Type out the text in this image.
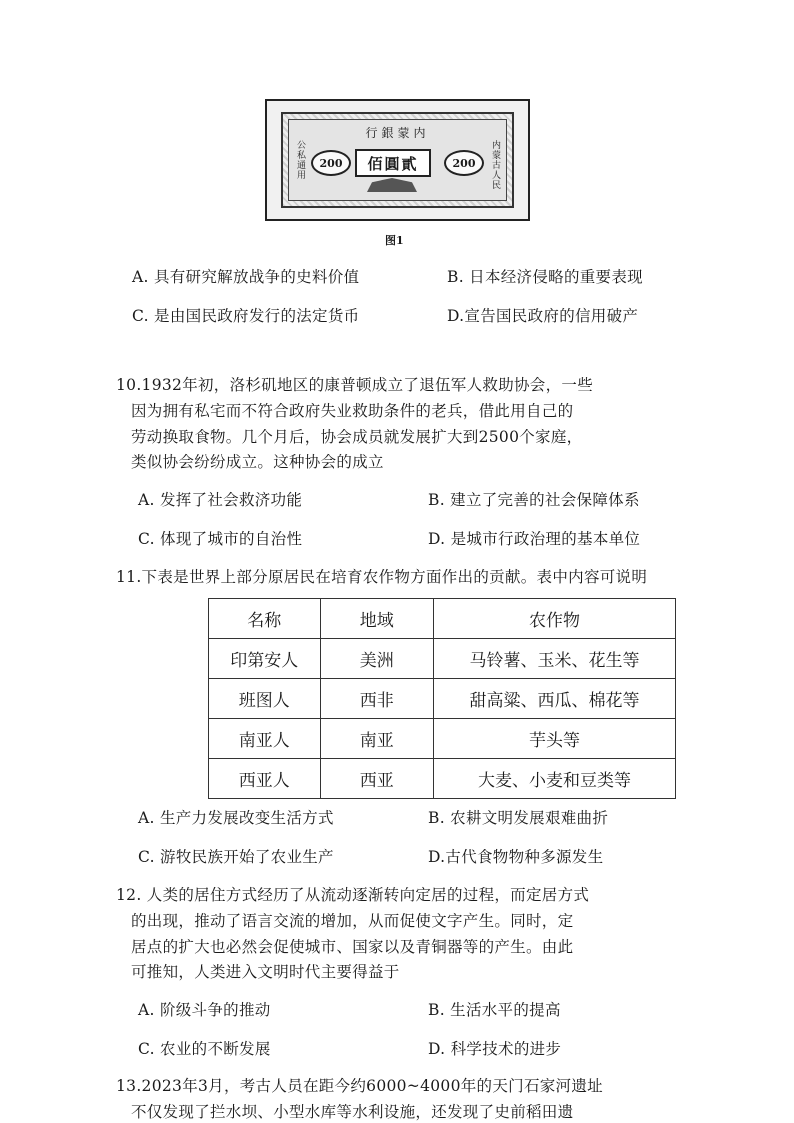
行銀蒙内
公私通用	内蒙古人民
200	佰圓貳	200
图1
A. 具有研究解放战争的史料价值	B. 日本经济侵略的重要表现
C. 是由国民政府发行的法定货币	D.宣告国民政府的信用破产
10.1932年初，洛杉矶地区的康普顿成立了退伍军人救助协会，一些
因为拥有私宅而不符合政府失业救助条件的老兵，借此用自己的
劳动换取食物。几个月后，协会成员就发展扩大到2500个家庭，
类似协会纷纷成立。这种协会的成立
A. 发挥了社会救济功能	B. 建立了完善的社会保障体系
C. 体现了城市的自治性	D. 是城市行政治理的基本单位
11.下表是世界上部分原居民在培育农作物方面作出的贡献。表中内容可说明
名称	地域	农作物
印第安人	美洲	马铃薯、玉米、花生等
班图人	西非	甜高粱、西瓜、棉花等
南亚人	南亚	芋头等
西亚人	西亚	大麦、小麦和豆类等
A. 生产力发展改变生活方式	B. 农耕文明发展艰难曲折
C. 游牧民族开始了农业生产	D.古代食物物种多源发生
12. 人类的居住方式经历了从流动逐渐转向定居的过程，而定居方式
的出现，推动了语言交流的增加，从而促使文字产生。同时，定
居点的扩大也必然会促使城市、国家以及青铜器等的产生。由此
可推知，人类进入文明时代主要得益于
A. 阶级斗争的推动	B. 生活水平的提高
C. 农业的不断发展	D. 科学技术的进步
13.2023年3月，考古人员在距今约6000~4000年的天门石家河遗址
不仅发现了拦水坝、小型水库等水利设施，还发现了史前稻田遗
